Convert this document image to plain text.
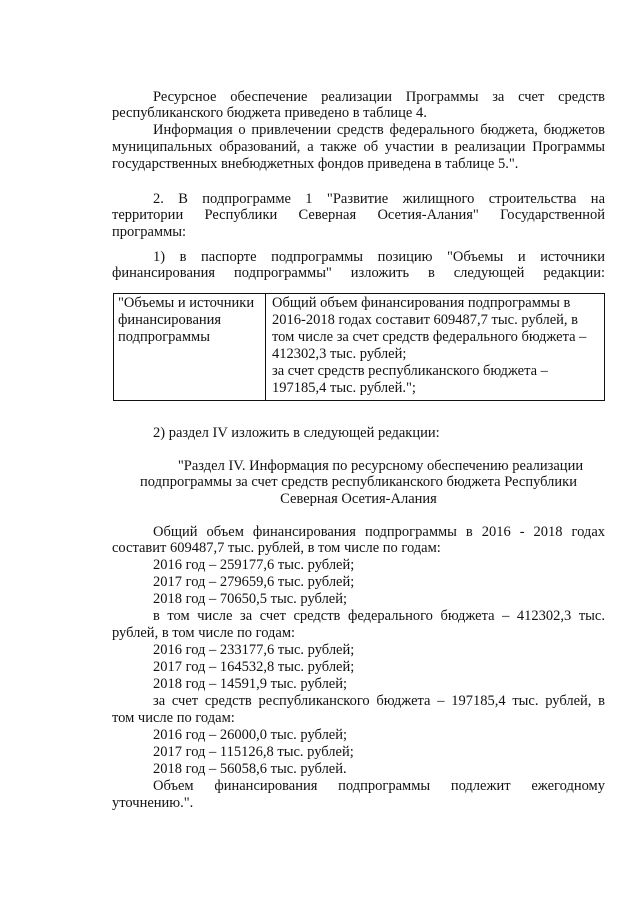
Ресурсное обеспечение реализации Программы за счет средств
республиканского бюджета приведено в таблице 4.
Информация о привлечении средств федерального бюджета, бюджетов
муниципальных образований, а также об участии в реализации Программы
государственных внебюджетных фондов приведена в таблице 5.".
2. В подпрограмме 1 "Развитие жилищного строительства на
территории Республики Северная Осетия-Алания" Государственной
программы:
1) в паспорте подпрограммы позицию "Объемы и источники
финансирования подпрограммы" изложить в следующей редакции:
"Объемы и источники
финансирования
подпрограммы
Общий объем финансирования подпрограммы в
2016-2018 годах составит 609487,7 тыс. рублей, в
том числе за счет средств федерального бюджета –
412302,3 тыс. рублей;
за счет средств республиканского бюджета –
197185,4 тыс. рублей.";
2) раздел IV изложить в следующей редакции:
"Раздел IV. Информация по ресурсному обеспечению реализации
подпрограммы за счет средств республиканского бюджета Республики
Северная Осетия-Алания
Общий объем финансирования подпрограммы в 2016 - 2018 годах
составит 609487,7 тыс. рублей, в том числе по годам:
2016 год – 259177,6 тыс. рублей;
2017 год – 279659,6 тыс. рублей;
2018 год – 70650,5 тыс. рублей;
в том числе за счет средств федерального бюджета – 412302,3 тыс.
рублей, в том числе по годам:
2016 год – 233177,6 тыс. рублей;
2017 год – 164532,8 тыс. рублей;
2018 год – 14591,9 тыс. рублей;
за счет средств республиканского бюджета – 197185,4 тыс. рублей, в
том числе по годам:
2016 год – 26000,0 тыс. рублей;
2017 год – 115126,8 тыс. рублей;
2018 год – 56058,6 тыс. рублей.
Объем финансирования подпрограммы подлежит ежегодному
уточнению.".
